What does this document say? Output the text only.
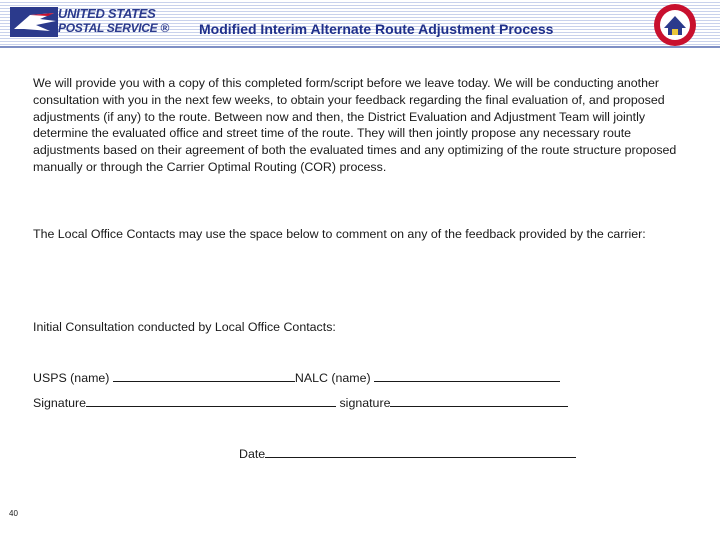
UNITED STATES
POSTAL SERVICE ® Modified Interim Alternate Route Adjustment Process

We will provide you with a copy of this completed form/script before we leave today. We will be conducting another consultation with you in the next few weeks, to obtain your feedback regarding the final evaluation of, and proposed adjustments (if any) to the route. Between now and then, the District Evaluation and Adjustment Team will jointly determine the evaluated office and street time of the route. They will then jointly propose any necessary route adjustments based on their agreement of both the evaluated times and any optimizing of the route structure proposed manually or through the Carrier Optimal Routing (COR) process.

The Local Office Contacts may use the space below to comment on any of the feedback provided by the carrier:

Initial Consultation conducted by Local Office Contacts:

USPS (name)	NALC (name)
Signature	signature
Date
40
